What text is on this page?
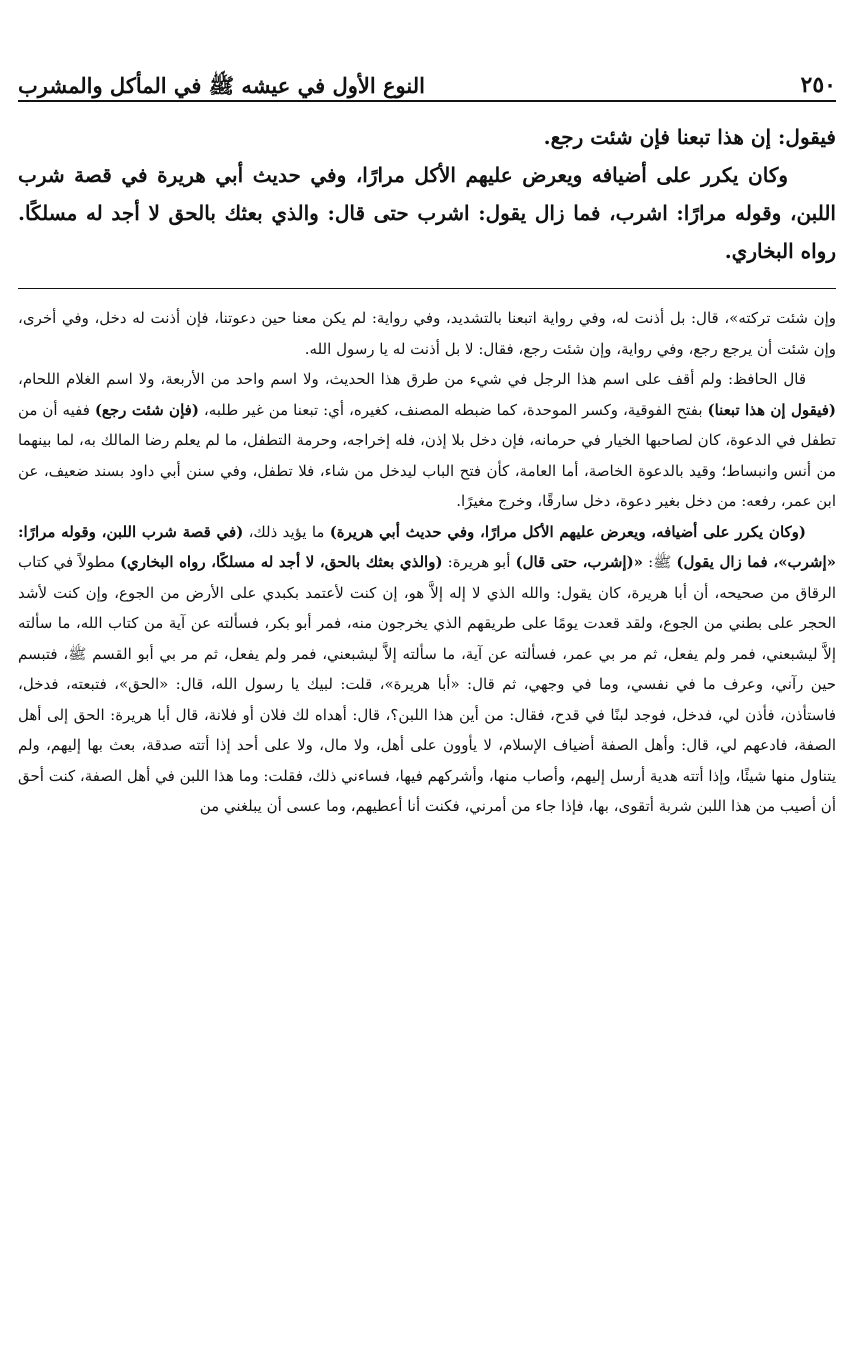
٢٥٠
النوع الأول في عيشه ﷺ في المأكل والمشرب

فيقول: إن هذا تبعنا فإن شئت رجع.

وكان يكرر على أضيافه ويعرض عليهم الأكل مرارًا، وفي حديث أبي هريرة في قصة شرب اللبن، وقوله مرارًا: اشرب، فما زال يقول: اشرب حتى قال: والذي بعثك بالحق لا أجد له مسلكًا. رواه البخاري.

وإن شئت تركته»، قال: بل أذنت له، وفي رواية اتبعنا بالتشديد، وفي رواية: لم يكن معنا حين دعوتنا، فإن أذنت له دخل، وفي أخرى، وإن شئت أن يرجع رجع، وفي رواية، وإن شئت رجع، فقال: لا بل أذنت له يا رسول الله.

قال الحافظ: ولم أقف على اسم هذا الرجل في شيء من طرق هذا الحديث، ولا اسم واحد من الأربعة، ولا اسم الغلام اللحام، (فيقول إن هذا تبعنا) بفتح الفوقية، وكسر الموحدة، كما ضبطه المصنف، كغيره، أي: تبعنا من غير طلبه، (فإن شئت رجع) ففيه أن من تطفل في الدعوة، كان لصاحبها الخيار في حرمانه، فإن دخل بلا إذن، فله إخراجه، وحرمة التطفل، ما لم يعلم رضا المالك به، لما بينهما من أنس وانبساط؛ وقيد بالدعوة الخاصة، أما العامة، كأن فتح الباب ليدخل من شاء، فلا تطفل، وفي سنن أبي داود بسند ضعيف، عن ابن عمر، رفعه: من دخل بغير دعوة، دخل سارقًا، وخرج مغيرًا.

(وكان يكرر على أضيافه، ويعرض عليهم الأكل مرارًا، وفي حديث أبي هريرة) ما يؤيد ذلك، (في قصة شرب اللبن، وقوله مرارًا: «إشرب»، فما زال يقول) ﷺ: «(إشرب، حتى قال) أبو هريرة: (والذي بعثك بالحق، لا أجد له مسلكًا، رواه البخاري) مطولاً في كتاب الرقاق من صحيحه، أن أبا هريرة، كان يقول: والله الذي لا إله إلاَّ هو، إن كنت لأعتمد بكبدي على الأرض من الجوع، وإن كنت لأشد الحجر على بطني من الجوع، ولقد قعدت يومًا على طريقهم الذي يخرجون منه، فمر أبو بكر، فسألته عن آية من كتاب الله، ما سألته إلاَّ ليشبعني، فمر ولم يفعل، ثم مر بي عمر، فسألته عن آية، ما سألته إلاَّ ليشبعني، فمر ولم يفعل، ثم مر بي أبو القسم ﷺ، فتبسم حين رآني، وعرف ما في نفسي، وما في وجهي، ثم قال: «أبا هريرة»، قلت: لبيك يا رسول الله، قال: «الحق»، فتبعته، فدخل، فاستأذن، فأذن لي، فدخل، فوجد لبنًا في قدح، فقال: من أين هذا اللبن؟، قال: أهداه لك فلان أو فلانة، قال أبا هريرة: الحق إلى أهل الصفة، فادعهم لي، قال: وأهل الصفة أضياف الإسلام، لا يأوون على أهل، ولا مال، ولا على أحد إذا أتته صدقة، بعث بها إليهم، ولم يتناول منها شيئًا، وإذا أتته هدية أرسل إليهم، وأصاب منها، وأشركهم فيها، فساءني ذلك، فقلت: وما هذا اللبن في أهل الصفة، كنت أحق أن أصيب من هذا اللبن شربة أتقوى، بها، فإذا جاء من أمرني، فكنت أنا أعطيهم، وما عسى أن يبلغني من
